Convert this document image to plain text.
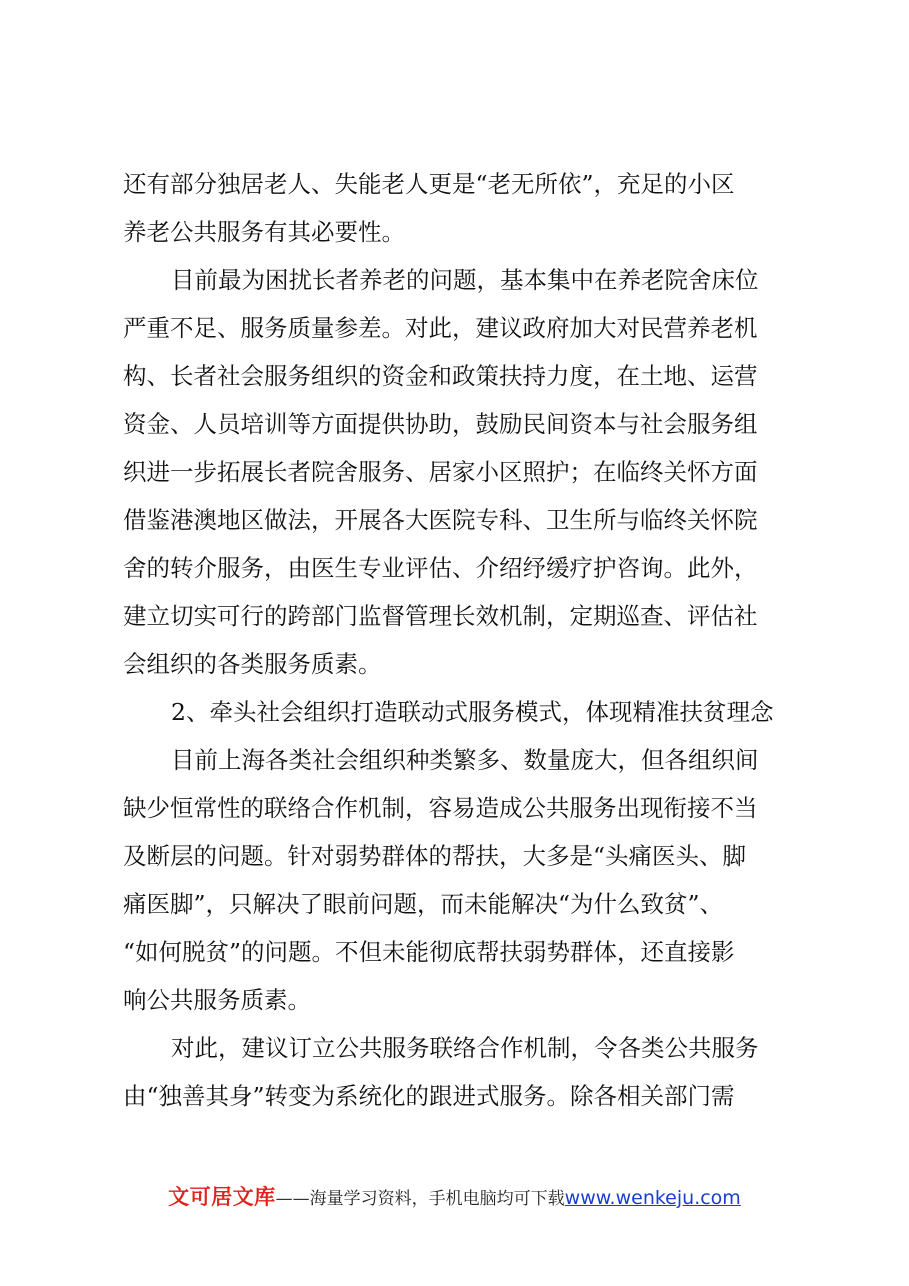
还有部分独居老人、失能老人更是“老无所依”，充足的小区
养老公共服务有其必要性。
目前最为困扰长者养老的问题，基本集中在养老院舍床位
严重不足、服务质量参差。对此，建议政府加大对民营养老机
构、长者社会服务组织的资金和政策扶持力度，在土地、运营
资金、人员培训等方面提供协助，鼓励民间资本与社会服务组
织进一步拓展长者院舍服务、居家小区照护；在临终关怀方面
借鉴港澳地区做法，开展各大医院专科、卫生所与临终关怀院
舍的转介服务，由医生专业评估、介绍纾缓疗护咨询。此外，
建立切实可行的跨部门监督管理长效机制，定期巡查、评估社
会组织的各类服务质素。
2、牵头社会组织打造联动式服务模式，体现精准扶贫理念
目前上海各类社会组织种类繁多、数量庞大，但各组织间
缺少恒常性的联络合作机制，容易造成公共服务出现衔接不当
及断层的问题。针对弱势群体的帮扶，大多是“头痛医头、脚
痛医脚”，只解决了眼前问题，而未能解决“为什么致贫”、
“如何脱贫”的问题。不但未能彻底帮扶弱势群体，还直接影
响公共服务质素。
对此，建议订立公共服务联络合作机制，令各类公共服务
由“独善其身”转变为系统化的跟进式服务。除各相关部门需
文可居文库——海量学习资料，手机电脑均可下载www.wenkeju.com
